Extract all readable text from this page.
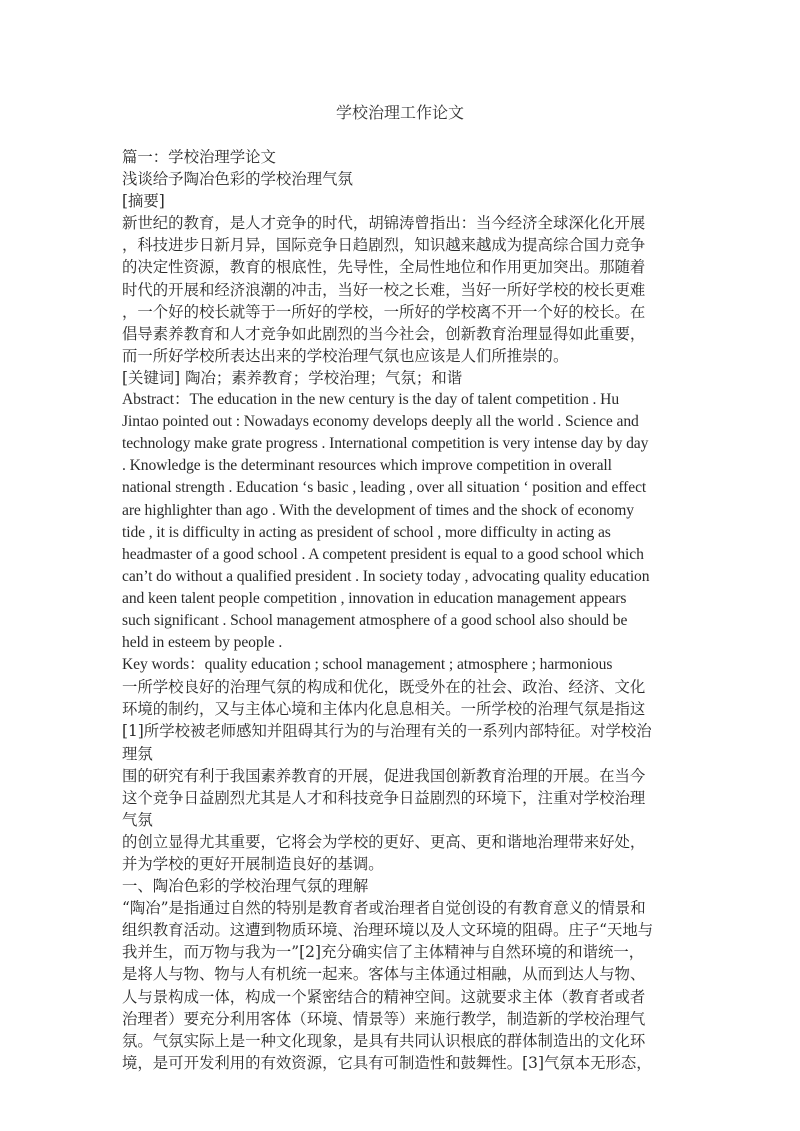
学校治理工作论文
篇一：学校治理学论文
浅谈给予陶冶色彩的学校治理气氛
[摘要]
新世纪的教育，是人才竞争的时代，胡锦涛曾指出：当今经济全球深化化开展
，科技进步日新月异，国际竞争日趋剧烈，知识越来越成为提高综合国力竞争
的决定性资源，教育的根底性，先导性，全局性地位和作用更加突出。那随着
时代的开展和经济浪潮的冲击，当好一校之长难，当好一所好学校的校长更难
，一个好的校长就等于一所好的学校，一所好的学校离不开一个好的校长。在
倡导素养教育和人才竞争如此剧烈的当今社会，创新教育治理显得如此重要，
而一所好学校所表达出来的学校治理气氛也应该是人们所推崇的。
[关键词] 陶冶；素养教育；学校治理；气氛；和谐
Abstract：The education in the new century is the day of talent competition . Hu
Jintao pointed out : Nowadays economy develops deeply all the world . Science and
technology make grate progress . International competition is very intense day by day
. Knowledge is the determinant resources which improve competition in overall
national strength . Education ‘s basic , leading , over all situation ‘ position and effect
are highlighter than ago . With the development of times and the shock of economy
tide , it is difficulty in acting as president of school , more difficulty in acting as
headmaster of a good school . A competent president is equal to a good school which
can’t do without a qualified president . In society today , advocating quality education
and keen talent people competition , innovation in education management appears
such significant . School management atmosphere of a good school also should be
held in esteem by people .
Key words：quality education ; school management ; atmosphere ; harmonious
一所学校良好的治理气氛的构成和优化，既受外在的社会、政治、经济、文化
环境的制约，又与主体心境和主体内化息息相关。一所学校的治理气氛是指这
[1]所学校被老师感知并阻碍其行为的与治理有关的一系列内部特征。对学校治
理氛
围的研究有利于我国素养教育的开展，促进我国创新教育治理的开展。在当今
这个竞争日益剧烈尤其是人才和科技竞争日益剧烈的环境下，注重对学校治理
气氛
的创立显得尤其重要，它将会为学校的更好、更高、更和谐地治理带来好处，
并为学校的更好开展制造良好的基调。
一、陶冶色彩的学校治理气氛的理解
“陶冶”是指通过自然的特别是教育者或治理者自觉创设的有教育意义的情景和
组织教育活动。这遭到物质环境、治理环境以及人文环境的阻碍。庄子“天地与
我并生，而万物与我为一”[2]充分确实信了主体精神与自然环境的和谐统一，
是将人与物、物与人有机统一起来。客体与主体通过相融，从而到达人与物、
人与景构成一体，构成一个紧密结合的精神空间。这就要求主体（教育者或者
治理者）要充分利用客体（环境、情景等）来施行教学，制造新的学校治理气
氛。气氛实际上是一种文化现象，是具有共同认识根底的群体制造出的文化环
境，是可开发利用的有效资源，它具有可制造性和鼓舞性。[3]气氛本无形态，
